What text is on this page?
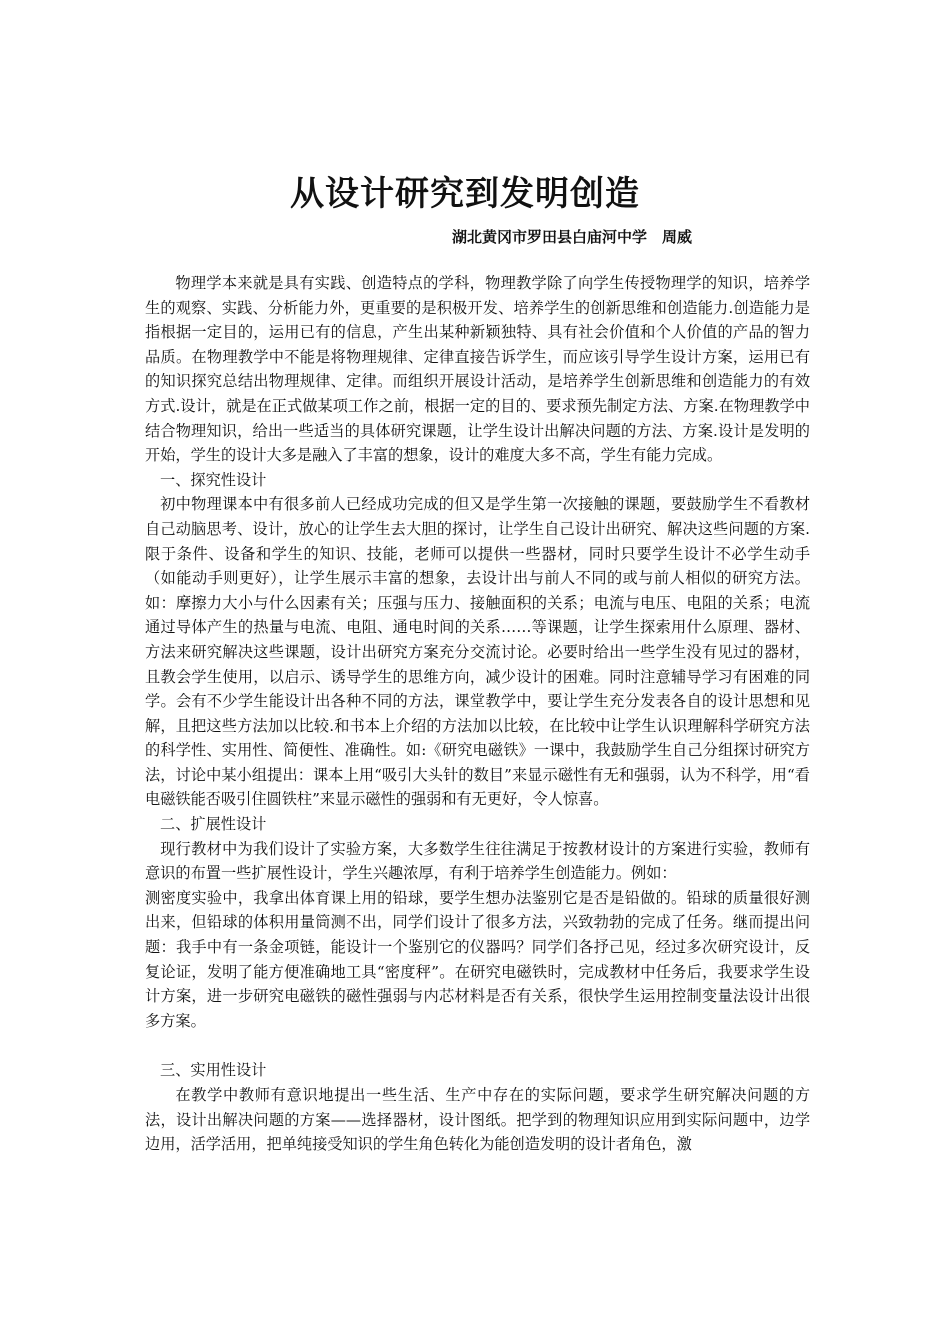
从设计研究到发明创造
湖北黄冈市罗田县白庙河中学　周威

物理学本来就是具有实践、创造特点的学科，物理教学除了向学生传授物理学的知识，培养学生的观察、实践、分析能力外，更重要的是积极开发、培养学生的创新思维和创造能力.创造能力是指根据一定目的，运用已有的信息，产生出某种新颖独特、具有社会价值和个人价值的产品的智力品质。在物理教学中不能是将物理规律、定律直接告诉学生，而应该引导学生设计方案，运用已有的知识探究总结出物理规律、定律。而组织开展设计活动，是培养学生创新思维和创造能力的有效方式.设计，就是在正式做某项工作之前，根据一定的目的、要求预先制定方法、方案.在物理教学中结合物理知识，给出一些适当的具体研究课题，让学生设计出解决问题的方法、方案.设计是发明的开始，学生的设计大多是融入了丰富的想象，设计的难度大多不高，学生有能力完成。

一、探究性设计

初中物理课本中有很多前人已经成功完成的但又是学生第一次接触的课题，要鼓励学生不看教材自己动脑思考、设计，放心的让学生去大胆的探讨，让学生自己设计出研究、解决这些问题的方案.限于条件、设备和学生的知识、技能，老师可以提供一些器材，同时只要学生设计不必学生动手（如能动手则更好），让学生展示丰富的想象，去设计出与前人不同的或与前人相似的研究方法。如：摩擦力大小与什么因素有关；压强与压力、接触面积的关系；电流与电压、电阻的关系；电流通过导体产生的热量与电流、电阻、通电时间的关系……等课题，让学生探索用什么原理、器材、方法来研究解决这些课题，设计出研究方案充分交流讨论。必要时给出一些学生没有见过的器材，且教会学生使用，以启示、诱导学生的思维方向，减少设计的困难。同时注意辅导学习有困难的同学。会有不少学生能设计出各种不同的方法，课堂教学中，要让学生充分发表各自的设计思想和见解，且把这些方法加以比较.和书本上介绍的方法加以比较，在比较中让学生认识理解科学研究方法的科学性、实用性、简便性、准确性。如:《研究电磁铁》一课中，我鼓励学生自己分组探讨研究方法，讨论中某小组提出：课本上用“吸引大头针的数目”来显示磁性有无和强弱，认为不科学，用“看电磁铁能否吸引住圆铁柱”来显示磁性的强弱和有无更好，令人惊喜。

二、扩展性设计

现行教材中为我们设计了实验方案，大多数学生往往满足于按教材设计的方案进行实验，教师有意识的布置一些扩展性设计，学生兴趣浓厚，有利于培养学生创造能力。例如：

测密度实验中，我拿出体育课上用的铅球，要学生想办法鉴别它是否是铅做的。铅球的质量很好测出来，但铅球的体积用量筒测不出，同学们设计了很多方法，兴致勃勃的完成了任务。继而提出问题：我手中有一条金项链，能设计一个鉴别它的仪器吗？同学们各抒己见，经过多次研究设计，反复论证，发明了能方便准确地工具“密度秤”。在研究电磁铁时，完成教材中任务后，我要求学生设计方案，进一步研究电磁铁的磁性强弱与内芯材料是否有关系，很快学生运用控制变量法设计出很多方案。

三、实用性设计

在教学中教师有意识地提出一些生活、生产中存在的实际问题，要求学生研究解决问题的方法，设计出解决问题的方案——选择器材，设计图纸。把学到的物理知识应用到实际问题中，边学边用，活学活用，把单纯接受知识的学生角色转化为能创造发明的设计者角色，激
